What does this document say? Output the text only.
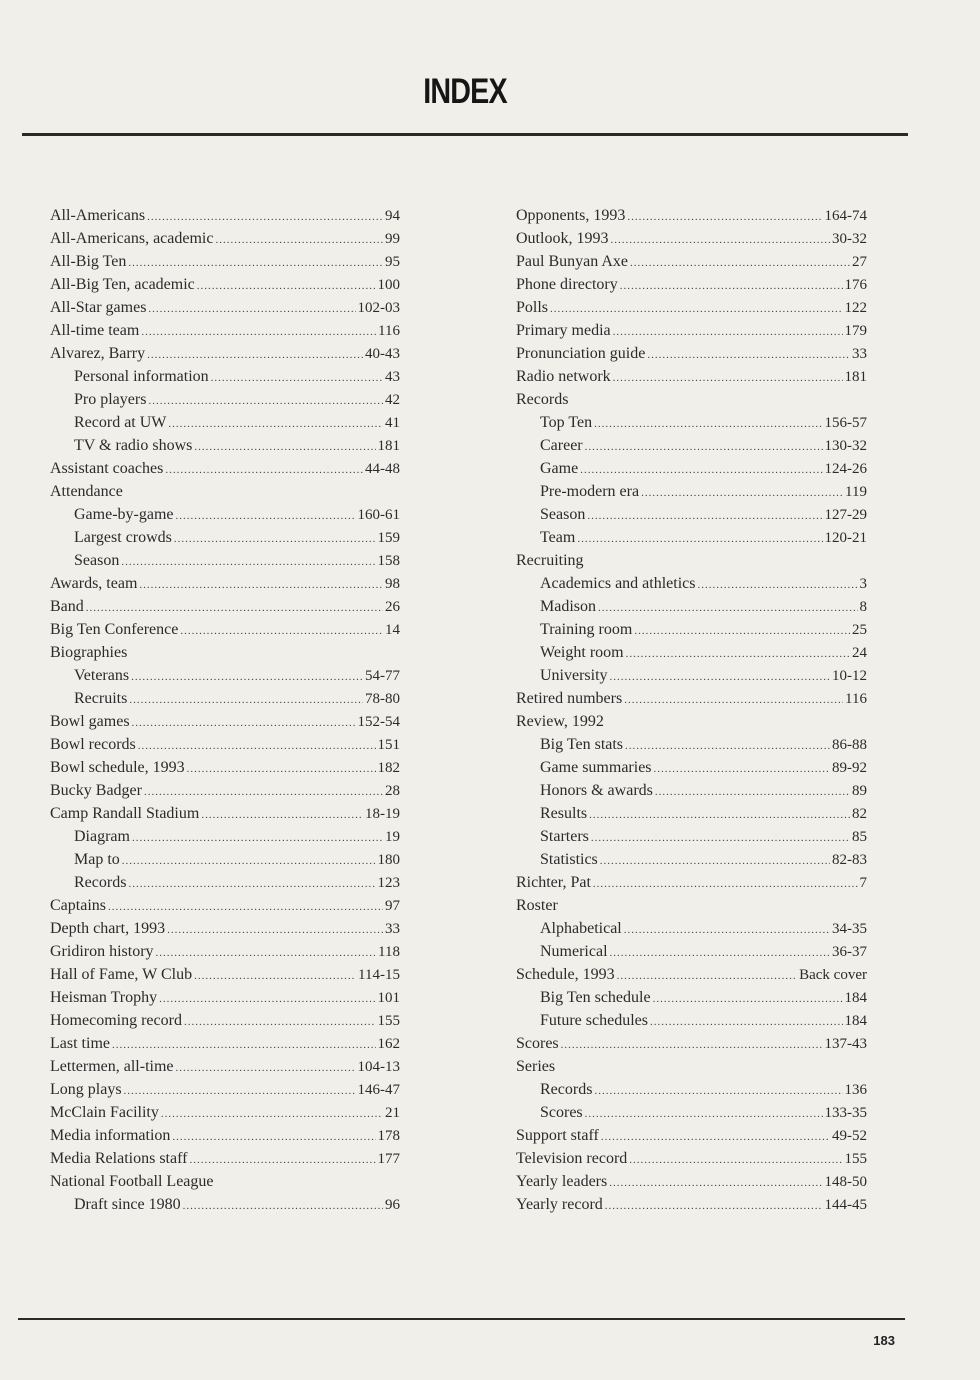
INDEX
All-Americans .....	94
All-Americans, academic .....	99
All-Big Ten .....	95
All-Big Ten, academic .....	100
All-Star games .....	102-03
All-time team .....	116
Alvarez, Barry .....	40-43
Personal information .....	43
Pro players .....	42
Record at UW .....	41
TV & radio shows .....	181
Assistant coaches .....	44-48
Attendance
Game-by-game .....	160-61
Largest crowds .....	159
Season .....	158
Awards, team .....	98
Band .....	26
Big Ten Conference .....	14
Biographies
Veterans .....	54-77
Recruits .....	78-80
Bowl games .....	152-54
Bowl records .....	151
Bowl schedule, 1993 .....	182
Bucky Badger .....	28
Camp Randall Stadium .....	18-19
Diagram .....	19
Map to .....	180
Records .....	123
Captains .....	97
Depth chart, 1993 .....	33
Gridiron history .....	118
Hall of Fame, W Club .....	114-15
Heisman Trophy .....	101
Homecoming record .....	155
Last time .....	162
Lettermen, all-time .....	104-13
Long plays .....	146-47
McClain Facility .....	21
Media information .....	178
Media Relations staff .....	177
National Football League
Draft since 1980 .....	96
Opponents, 1993 .....	164-74
Outlook, 1993 .....	30-32
Paul Bunyan Axe .....	27
Phone directory .....	176
Polls .....	122
Primary media .....	179
Pronunciation guide .....	33
Radio network .....	181
Records
Top Ten .....	156-57
Career .....	130-32
Game .....	124-26
Pre-modern era .....	119
Season .....	127-29
Team .....	120-21
Recruiting
Academics and athletics .....	3
Madison .....	8
Training room .....	25
Weight room .....	24
University .....	10-12
Retired numbers .....	116
Review, 1992
Big Ten stats .....	86-88
Game summaries .....	89-92
Honors & awards .....	89
Results .....	82
Starters .....	85
Statistics .....	82-83
Richter, Pat .....	7
Roster
Alphabetical .....	34-35
Numerical .....	36-37
Schedule, 1993 .....	Back cover
Big Ten schedule .....	184
Future schedules .....	184
Scores .....	137-43
Series
Records .....	136
Scores .....	133-35
Support staff .....	49-52
Television record .....	155
Yearly leaders .....	148-50
Yearly record .....	144-45
183
